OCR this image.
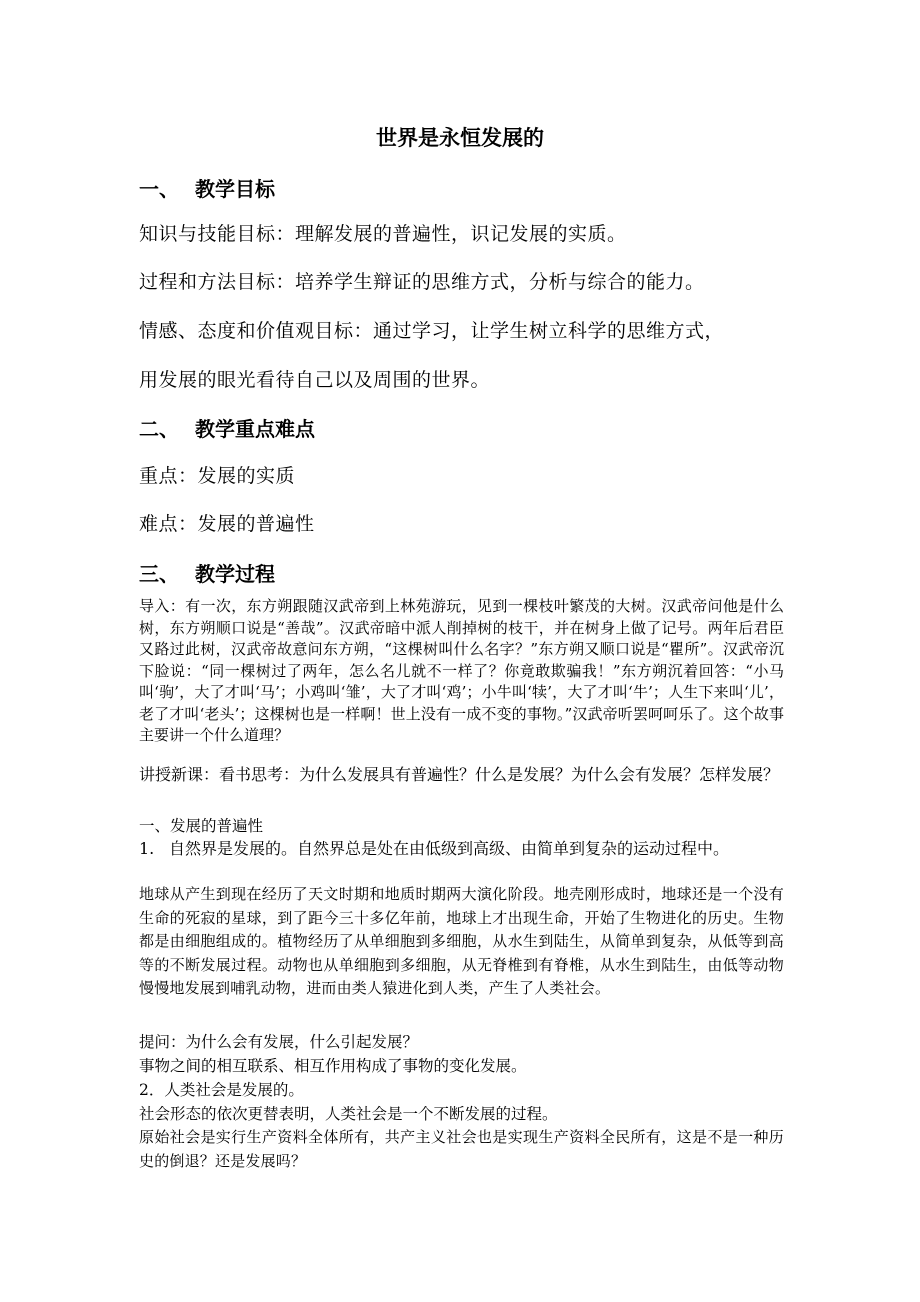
世界是永恒发展的
一、 教学目标
知识与技能目标：理解发展的普遍性，识记发展的实质。
过程和方法目标：培养学生辩证的思维方式，分析与综合的能力。
情感、态度和价值观目标：通过学习，让学生树立科学的思维方式，
用发展的眼光看待自己以及周围的世界。
二、 教学重点难点
重点：发展的实质
难点：发展的普遍性
三、 教学过程
导入：有一次，东方朔跟随汉武帝到上林苑游玩，见到一棵枝叶繁茂的大树。汉武帝问他是什么树，东方朔顺口说是“善哉”。汉武帝暗中派人削掉树的枝干，并在树身上做了记号。两年后君臣又路过此树，汉武帝故意问东方朔，“这棵树叫什么名字？”东方朔又顺口说是“瞿所”。汉武帝沉下脸说：“同一棵树过了两年，怎么名儿就不一样了？你竟敢欺骗我！”东方朔沉着回答：“小马叫‘驹’，大了才叫‘马’；小鸡叫‘雏’，大了才叫‘鸡’；小牛叫‘犊’，大了才叫‘牛’；人生下来叫‘儿’，老了才叫‘老头’；这棵树也是一样啊！世上没有一成不变的事物。”汉武帝听罢呵呵乐了。这个故事主要讲一个什么道理？
讲授新课：看书思考：为什么发展具有普遍性？什么是发展？为什么会有发展？怎样发展？
一、发展的普遍性
1. 自然界是发展的。自然界总是处在由低级到高级、由简单到复杂的运动过程中。
地球从产生到现在经历了天文时期和地质时期两大演化阶段。地壳刚形成时，地球还是一个没有生命的死寂的星球，到了距今三十多亿年前，地球上才出现生命，开始了生物进化的历史。生物都是由细胞组成的。植物经历了从单细胞到多细胞，从水生到陆生，从简单到复杂，从低等到高等的不断发展过程。动物也从单细胞到多细胞，从无脊椎到有脊椎，从水生到陆生，由低等动物慢慢地发展到哺乳动物，进而由类人猿进化到人类，产生了人类社会。
提问：为什么会有发展，什么引起发展？
事物之间的相互联系、相互作用构成了事物的变化发展。
2．人类社会是发展的。
社会形态的依次更替表明，人类社会是一个不断发展的过程。
原始社会是实行生产资料全体所有，共产主义社会也是实现生产资料全民所有，这是不是一种历史的倒退？还是发展吗？
